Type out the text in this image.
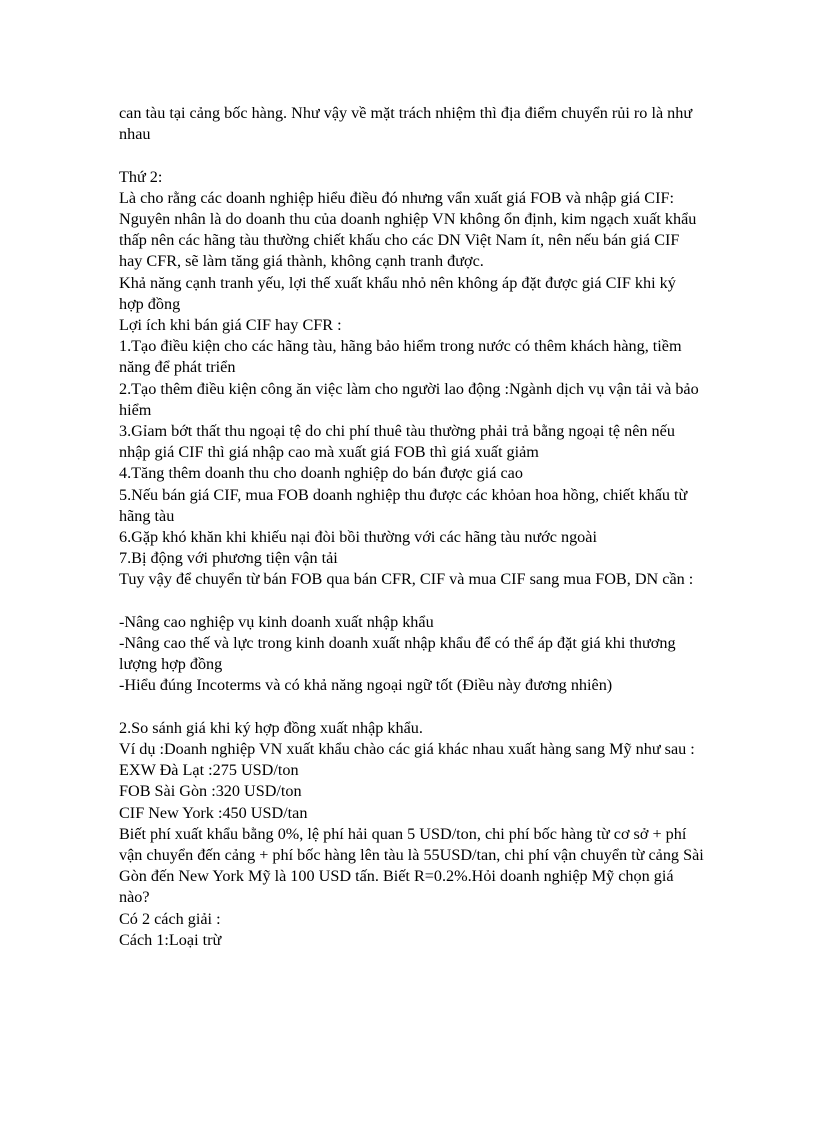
can tàu tại cảng bốc hàng. Như vậy về mặt trách nhiệm thì địa điểm chuyển rủi ro là như nhau

Thứ 2:

Là cho rằng các doanh nghiệp hiểu điều đó nhưng vẩn xuất giá FOB và nhập giá CIF:

Nguyên nhân là do doanh thu của doanh nghiệp VN không ổn định, kim ngạch xuất khẩu thấp nên các hãng tàu thường chiết khấu cho các DN Việt Nam ít, nên nếu bán giá CIF hay CFR, sẽ làm tăng giá thành, không cạnh tranh được.

Khả năng cạnh tranh yếu, lợi thế xuất khẩu nhỏ nên không áp đặt được giá CIF khi ký hợp đồng

Lợi ích khi bán giá CIF hay CFR :

1.Tạo điều kiện cho các hãng tàu, hãng bảo hiểm trong nước có thêm khách hàng, tiềm năng để phát triển

2.Tạo thêm điều kiện công ăn việc làm cho người lao động :Ngành dịch vụ vận tải và bảo hiểm

3.Gỉam bớt thất thu ngoại tệ do chi phí thuê tàu thường phải trả bằng ngoại tệ nên nếu nhập giá CIF thì giá nhập cao mà xuất giá FOB thì giá xuất giảm

4.Tăng thêm doanh thu cho doanh nghiệp do bán được giá cao

5.Nếu bán giá CIF, mua FOB doanh nghiệp thu được các khỏan hoa hồng, chiết khấu từ hãng tàu

6.Gặp khó khăn khi khiếu nại đòi bồi thường với các hãng tàu nước ngoài

7.Bị động với phương tiện vận tải

Tuy vậy để chuyển từ bán FOB qua bán CFR, CIF và mua CIF sang mua FOB, DN cần :

-Nâng cao nghiệp vụ kinh doanh xuất nhập khẩu

-Nâng cao thế và lực trong kinh doanh xuất nhập khẩu để có thể áp đặt giá khi thương lượng hợp đồng

-Hiểu đúng Incoterms và có khả năng ngoại ngữ tốt (Điều này đương nhiên)

2.So sánh giá khi ký hợp đồng xuất nhập khẩu.

Ví dụ :Doanh nghiệp VN xuất khẩu chào các giá khác nhau xuất hàng sang Mỹ như sau :

EXW Đà Lạt :275 USD/ton

FOB Sài Gòn :320 USD/ton

CIF New York :450 USD/tan

Biết phí xuất khẩu bằng 0%, lệ phí hải quan 5 USD/ton, chi phí bốc hàng từ cơ sở + phí vận chuyển đến cảng + phí bốc hàng lên tàu là 55USD/tan, chi phí vận chuyển từ cảng Sài Gòn đến New York Mỹ là 100 USD tấn. Biết R=0.2%.Hỏi doanh nghiệp Mỹ chọn giá nào?

Có 2 cách giải :

Cách 1:Loại trừ
